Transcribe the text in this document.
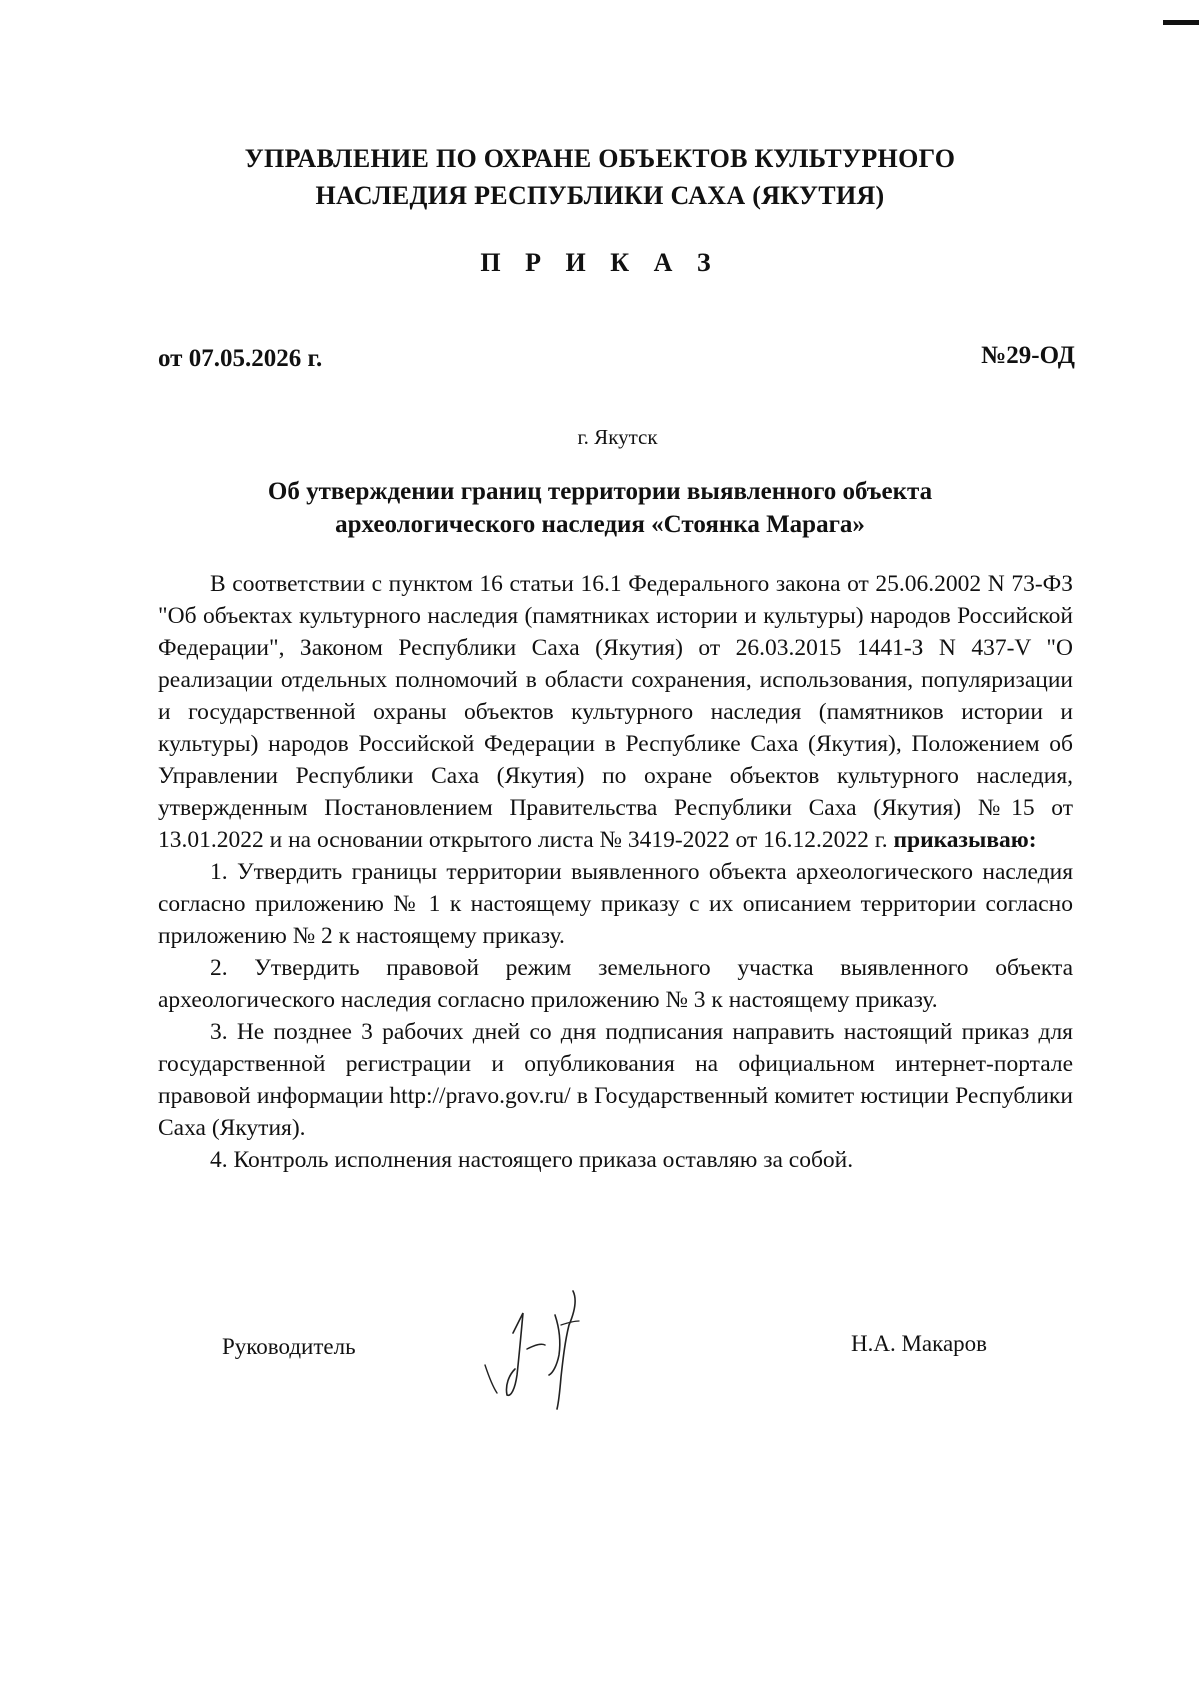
УПРАВЛЕНИЕ ПО ОХРАНЕ ОБЪЕКТОВ КУЛЬТУРНОГО
НАСЛЕДИЯ РЕСПУБЛИКИ САХА (ЯКУТИЯ)
П Р И К А З
от 07.05.2026 г.	№29-ОД
г. Якутск
Об утверждении границ территории выявленного объекта
археологического наследия «Стоянка Марага»

В соответствии с пунктом 16 статьи 16.1 Федерального закона от 25.06.2002 N 73-ФЗ "Об объектах культурного наследия (памятниках истории и культуры) народов Российской Федерации", Законом Республики Саха (Якутия) от 26.03.2015 1441-З N 437-V "О реализации отдельных полномочий в области сохранения, использования, популяризации и государственной охраны объектов культурного наследия (памятников истории и культуры) народов Российской Федерации в Республике Саха (Якутия), Положением об Управлении Республики Саха (Якутия) по охране объектов культурного наследия, утвержденным Постановлением Правительства Республики Саха (Якутия) №15 от 13.01.2022 и на основании открытого листа № 3419-2022 от 16.12.2022 г. приказываю:

1. Утвердить границы территории выявленного объекта археологического наследия согласно приложению № 1 к настоящему приказу с их описанием территории согласно приложению № 2 к настоящему приказу.

2. Утвердить правовой режим земельного участка выявленного объекта археологического наследия согласно приложению № 3 к настоящему приказу.

3. Не позднее 3 рабочих дней со дня подписания направить настоящий приказ для государственной регистрации и опубликования на официальном интернет-портале правовой информации http://pravo.gov.ru/ в Государственный комитет юстиции Республики Саха (Якутия).

4. Контроль исполнения настоящего приказа оставляю за собой.

Руководитель	Н.А. Макаров
